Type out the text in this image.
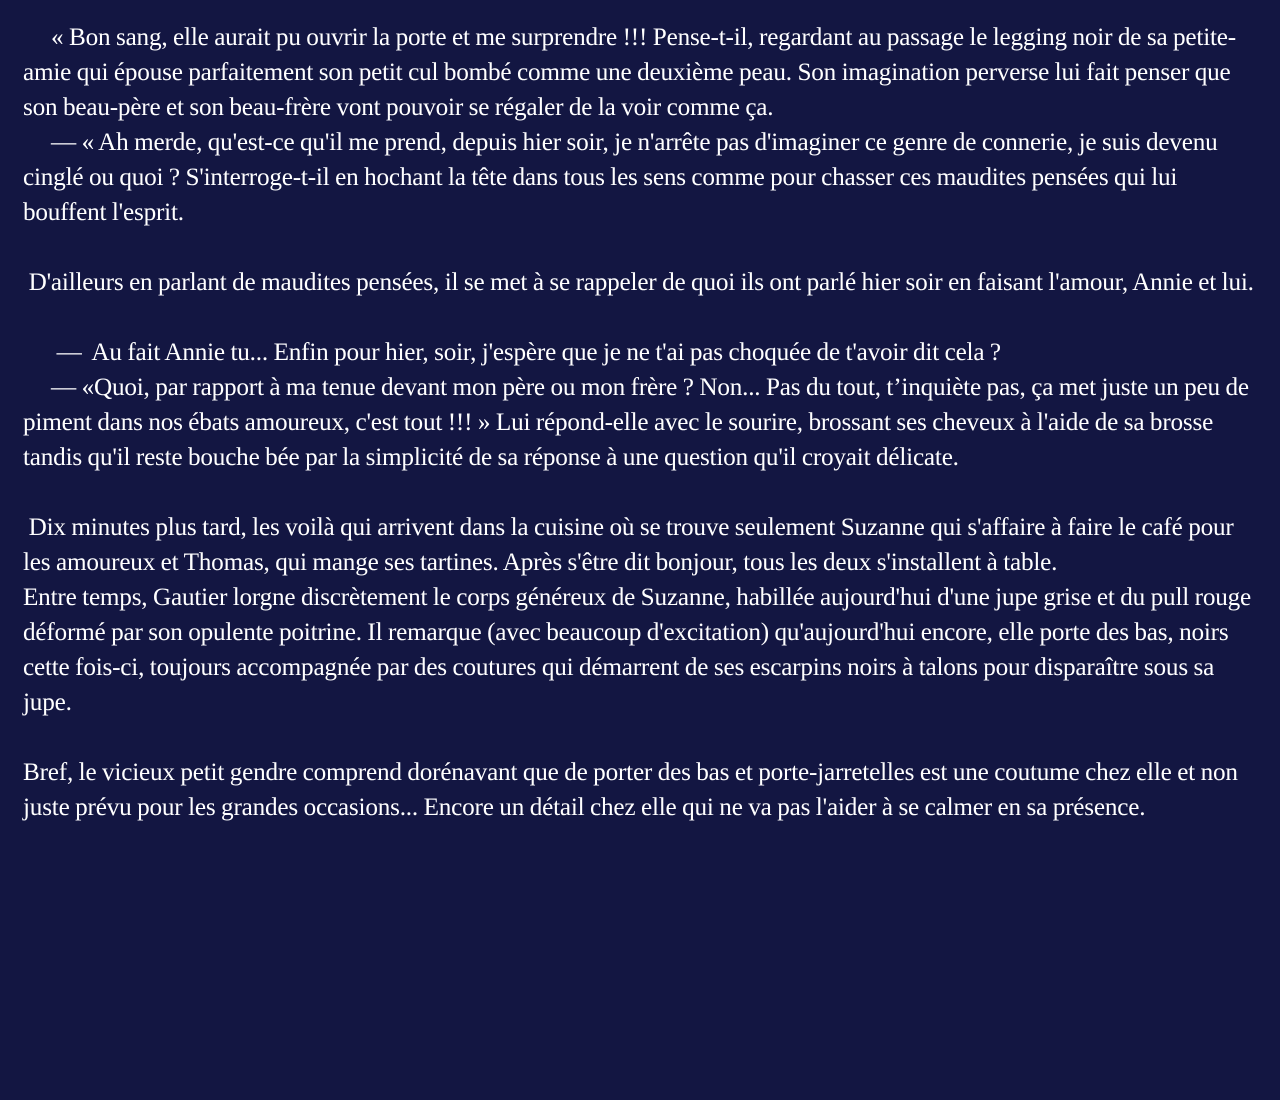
« Bon sang, elle aurait pu ouvrir la porte et me surprendre !!! Pense-t-il, regardant au passage le legging noir de sa petite-amie qui épouse parfaitement son petit cul bombé comme une deuxième peau. Son imagination perverse lui fait penser que son beau-père et son beau-frère vont pouvoir se régaler de la voir comme ça.

— « Ah merde, qu'est-ce qu'il me prend, depuis hier soir, je n'arrête pas d'imaginer ce genre de connerie, je suis devenu cinglé ou quoi ? S'interroge-t-il en hochant la tête dans tous les sens comme pour chasser ces maudites pensées qui lui bouffent l'esprit.

D'ailleurs en parlant de maudites pensées, il se met à se rappeler de quoi ils ont parlé hier soir en faisant l'amour, Annie et lui.

—  Au fait Annie tu... Enfin pour hier, soir, j'espère que je ne t'ai pas choquée de t'avoir dit cela ?

— «Quoi, par rapport à ma tenue devant mon père ou mon frère ? Non... Pas du tout, t’inquiète pas, ça met juste un peu de piment dans nos ébats amoureux, c'est tout !!! » Lui répond-elle avec le sourire, brossant ses cheveux à l'aide de sa brosse tandis qu'il reste bouche bée par la simplicité de sa réponse à une question qu'il croyait délicate.

Dix minutes plus tard, les voilà qui arrivent dans la cuisine où se trouve seulement Suzanne qui s'affaire à faire le café pour les amoureux et Thomas, qui mange ses tartines. Après s'être dit bonjour, tous les deux s'installent à table.

Entre temps, Gautier lorgne discrètement le corps généreux de Suzanne, habillée aujourd'hui d'une jupe grise et du pull rouge déformé par son opulente poitrine. Il remarque (avec beaucoup d'excitation) qu'aujourd'hui encore, elle porte des bas, noirs cette fois-ci, toujours accompagnée par des coutures qui démarrent de ses escarpins noirs à talons pour disparaître sous sa jupe.

Bref, le vicieux petit gendre comprend dorénavant que de porter des bas et porte-jarretelles est une coutume chez elle et non juste prévu pour les grandes occasions... Encore un détail chez elle qui ne va pas l'aider à se calmer en sa présence.
